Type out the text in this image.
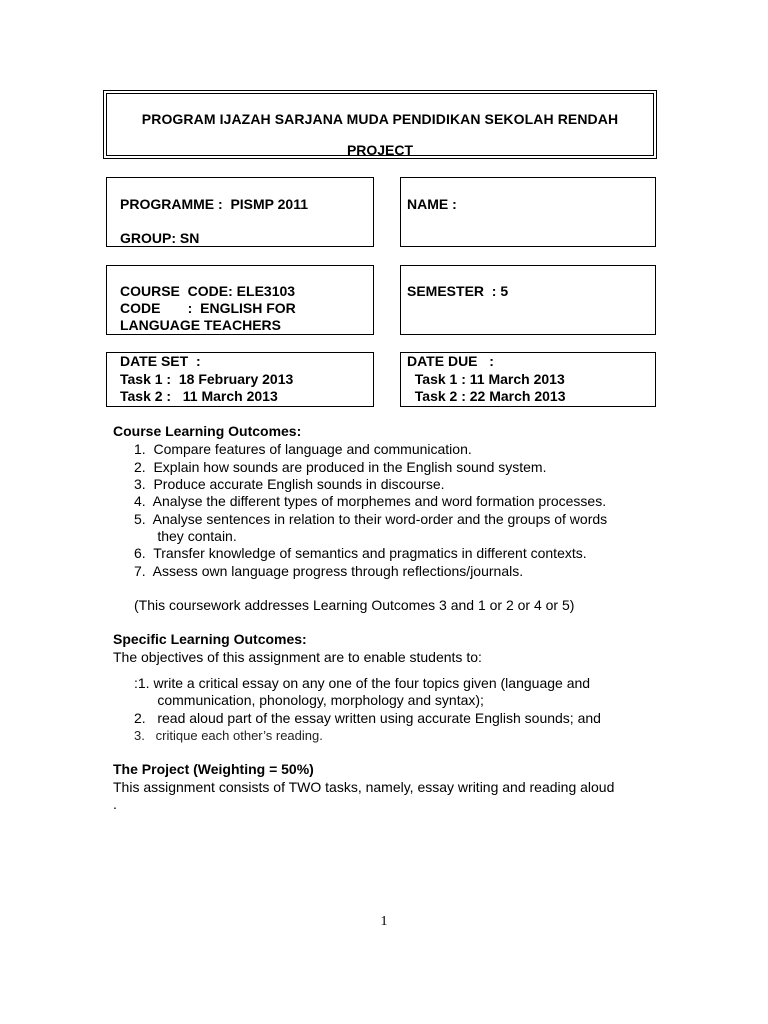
PROGRAM IJAZAH SARJANA MUDA PENDIDIKAN SEKOLAH RENDAH
PROJECT
PROGRAMME :  PISMP 2011
GROUP: SN
NAME :
COURSE  CODE: ELE3103
CODE       :  ENGLISH FOR
LANGUAGE TEACHERS
SEMESTER  : 5
DATE SET  :
Task 1 :  18 February 2013
Task 2 :   11 March 2013
DATE DUE   :
Task 1 : 11 March 2013
Task 2 : 22 March 2013
Course Learning Outcomes:
1.  Compare features of language and communication.
2.  Explain how sounds are produced in the English sound system.
3.  Produce accurate English sounds in discourse.
4.  Analyse the different types of morphemes and word formation processes.
5.  Analyse sentences in relation to their word-order and the groups of words
they contain.
6.  Transfer knowledge of semantics and pragmatics in different contexts.
7.  Assess own language progress through reflections/journals.
(This coursework addresses Learning Outcomes 3 and 1 or 2 or 4 or 5)
Specific Learning Outcomes:
The objectives of this assignment are to enable students to:
:1. write a critical essay on any one of the four topics given (language and
communication, phonology, morphology and syntax);
2.   read aloud part of the essay written using accurate English sounds; and
3.   critique each other’s reading.
The Project (Weighting = 50%)
This assignment consists of TWO tasks, namely, essay writing and reading aloud
.
1
